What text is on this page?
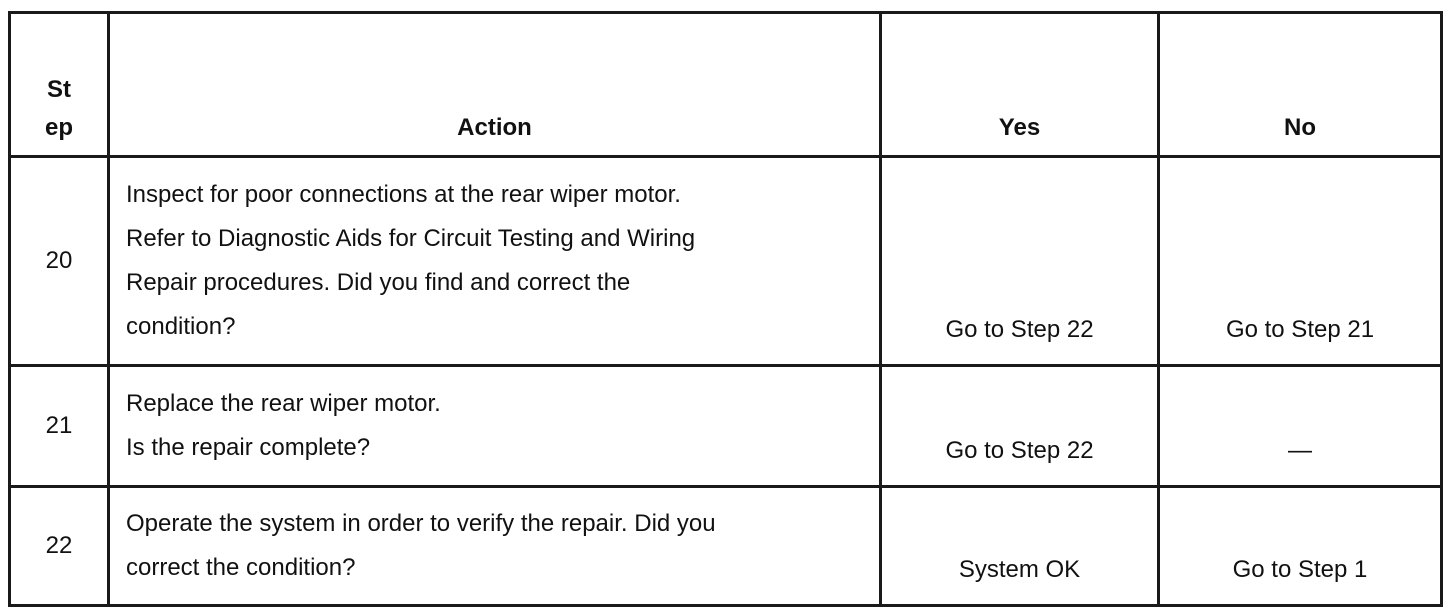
St
ep	Action	Yes	No
20	Inspect for poor connections at the rear wiper motor.
Refer to Diagnostic Aids for Circuit Testing and Wiring
Repair procedures. Did you find and correct the
condition?	Go to Step 22	Go to Step 21
21	Replace the rear wiper motor.
Is the repair complete?	Go to Step 22	—
22	Operate the system in order to verify the repair. Did you
correct the condition?	System OK	Go to Step 1
